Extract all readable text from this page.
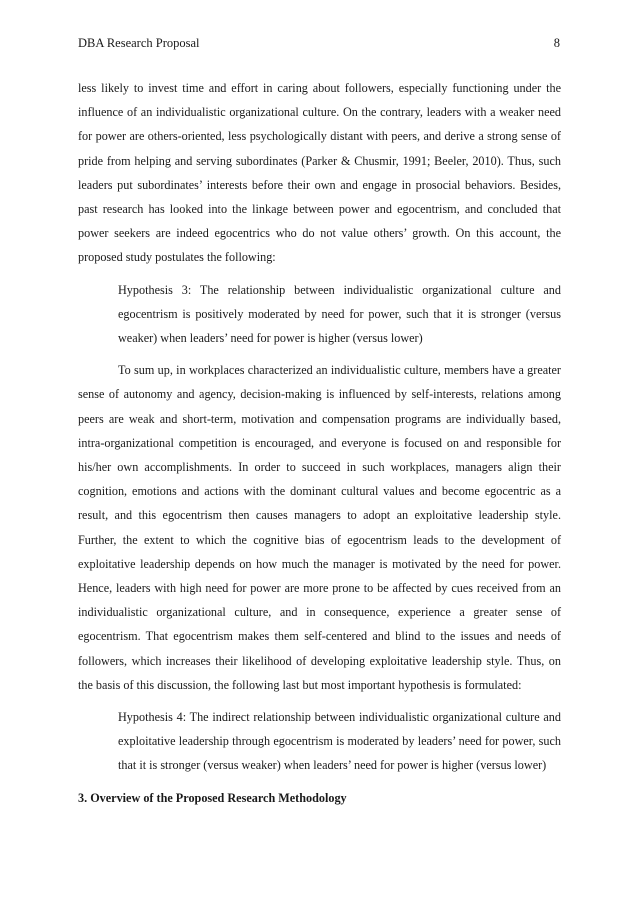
DBA Research Proposal	8

less likely to invest time and effort in caring about followers, especially functioning under the influence of an individualistic organizational culture. On the contrary, leaders with a weaker need for power are others-oriented, less psychologically distant with peers, and derive a strong sense of pride from helping and serving subordinates (Parker & Chusmir, 1991; Beeler, 2010). Thus, such leaders put subordinates’ interests before their own and engage in prosocial behaviors. Besides, past research has looked into the linkage between power and egocentrism, and concluded that power seekers are indeed egocentrics who do not value others’ growth. On this account, the proposed study postulates the following:

Hypothesis 3: The relationship between individualistic organizational culture and egocentrism is positively moderated by need for power, such that it is stronger (versus weaker) when leaders’ need for power is higher (versus lower)

To sum up, in workplaces characterized an individualistic culture, members have a greater sense of autonomy and agency, decision-making is influenced by self-interests, relations among peers are weak and short-term, motivation and compensation programs are individually based, intra-organizational competition is encouraged, and everyone is focused on and responsible for his/her own accomplishments. In order to succeed in such workplaces, managers align their cognition, emotions and actions with the dominant cultural values and become egocentric as a result, and this egocentrism then causes managers to adopt an exploitative leadership style. Further, the extent to which the cognitive bias of egocentrism leads to the development of exploitative leadership depends on how much the manager is motivated by the need for power. Hence, leaders with high need for power are more prone to be affected by cues received from an individualistic organizational culture, and in consequence, experience a greater sense of egocentrism. That egocentrism makes them self-centered and blind to the issues and needs of followers, which increases their likelihood of developing exploitative leadership style. Thus, on the basis of this discussion, the following last but most important hypothesis is formulated:

Hypothesis 4: The indirect relationship between individualistic organizational culture and exploitative leadership through egocentrism is moderated by leaders’ need for power, such that it is stronger (versus weaker) when leaders’ need for power is higher (versus lower)

3. Overview of the Proposed Research Methodology
